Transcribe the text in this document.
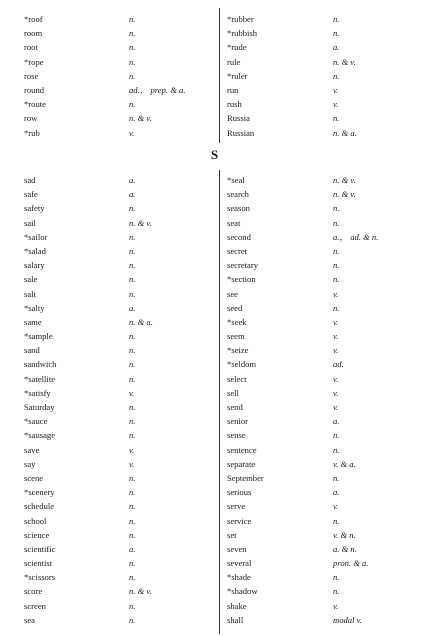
*roof	n.
room	n.
root	n.
*rope	n.
rose	n.
round	ad.， prep. & a.
*route	n.
row	n. & v.
*rub	v.
*rubber	n.
*rubbish	n.
*rude	a.
rule	n. & v.
*ruler	n.
run	v.
rush	v.
Russia	n.
Russian	n. & a.
S
sad	a.
safe	a.
safety	n.
sail	n. & v.
*sailor	n.
*salad	n.
salary	n.
sale	n.
salt	n.
*salty	a.
same	n. & a.
*sample	n.
sand	n.
sandwich	n.
*satellite	n.
*satisfy	v.
Saturday	n.
*sauce	n.
*sausage	n.
save	v.
say	v.
scene	n.
*scenery	n.
schedule	n.
school	n.
science	n.
scientific	a.
scientist	n.
*scissors	n.
score	n. & v.
screen	n.
sea	n.
*seal	n. & v.
search	n. & v.
season	n.
seat	n.
second	a.， ad. & n.
secret	n.
secretary	n.
*section	n.
see	v.
seed	n.
*seek	v.
seem	v.
*seize	v.
*seldom	ad.
select	v.
sell	v.
send	v.
senior	a.
sense	n.
sentence	n.
separate	v. & a.
September	n.
serious	a.
serve	v.
service	n.
set	v. & n.
seven	a. & n.
several	pron. & a.
*shade	n.
*shadow	n.
shake	v.
shall	modal v.
